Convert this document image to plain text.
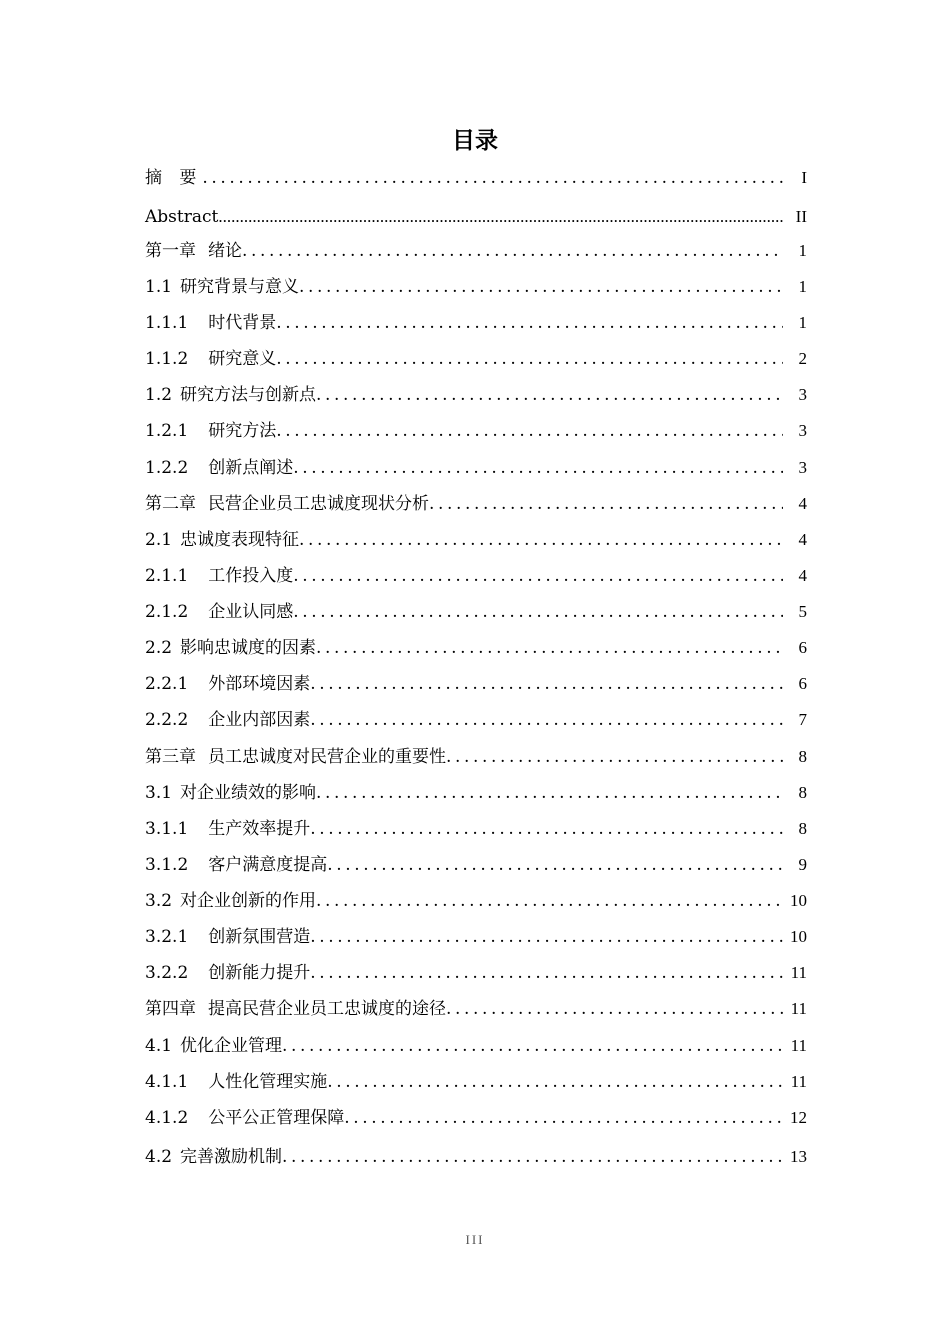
目录
摘 要 .....	I
Abstract .....	II
第一章 绪论 .....	1
1.1 研究背景与意义 .....	1
1.1.1 时代背景 .....	1
1.1.2 研究意义 .....	2
1.2 研究方法与创新点 .....	3
1.2.1 研究方法 .....	3
1.2.2 创新点阐述 .....	3
第二章 民营企业员工忠诚度现状分析 .....	4
2.1 忠诚度表现特征 .....	4
2.1.1 工作投入度 .....	4
2.1.2 企业认同感 .....	5
2.2 影响忠诚度的因素 .....	6
2.2.1 外部环境因素 .....	6
2.2.2 企业内部因素 .....	7
第三章 员工忠诚度对民营企业的重要性 .....	8
3.1 对企业绩效的影响 .....	8
3.1.1 生产效率提升 .....	8
3.1.2 客户满意度提高 .....	9
3.2 对企业创新的作用 .....	10
3.2.1 创新氛围营造 .....	10
3.2.2 创新能力提升 .....	11
第四章 提高民营企业员工忠诚度的途径 .....	11
4.1 优化企业管理 .....	11
4.1.1 人性化管理实施 .....	11
4.1.2 公平公正管理保障 .....	12
4.2 完善激励机制 .....	13
III
